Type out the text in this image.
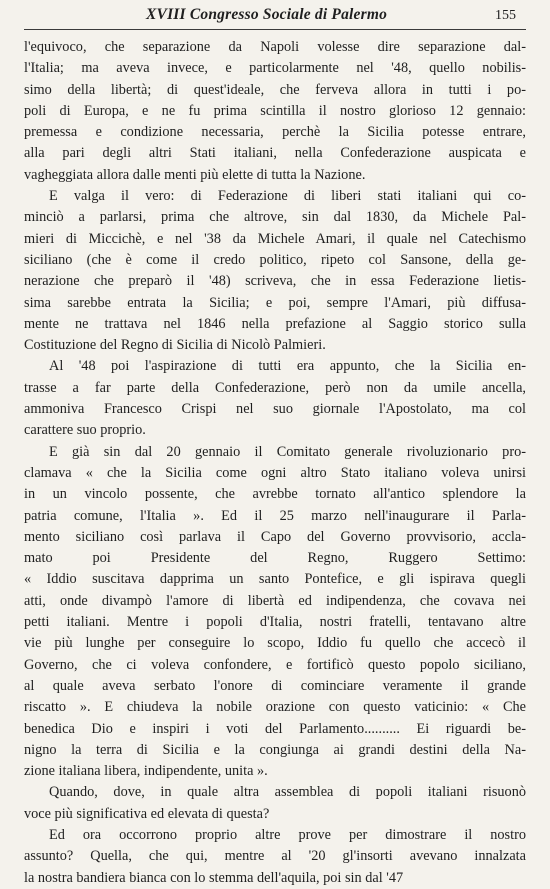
XVIII Congresso Sociale di Palermo	155

l'equivoco, che separazione da Napoli volesse dire separazione dal-
l'Italia; ma aveva invece, e particolarmente nel '48, quello nobilis-
simo della libertà; di quest'ideale, che ferveva allora in tutti i po-
poli di Europa, e ne fu prima scintilla il nostro glorioso 12 gennaio:
premessa e condizione necessaria, perchè la Sicilia potesse entrare,
alla pari degli altri Stati italiani, nella Confederazione auspicata e
vagheggiata allora dalle menti più elette di tutta la Nazione.

E valga il vero: di Federazione di liberi stati italiani qui co-
minciò a parlarsi, prima che altrove, sin dal 1830, da Michele Pal-
mieri di Miccichè, e nel '38 da Michele Amari, il quale nel Catechismo
siciliano (che è come il credo politico, ripeto col Sansone, della ge-
nerazione che preparò il '48) scriveva, che in essa Federazione lietis-
sima sarebbe entrata la Sicilia; e poi, sempre l'Amari, più diffusa-
mente ne trattava nel 1846 nella prefazione al Saggio storico sulla
Costituzione del Regno di Sicilia di Nicolò Palmieri.

Al '48 poi l'aspirazione di tutti era appunto, che la Sicilia en-
trasse a far parte della Confederazione, però non da umile ancella,
ammoniva Francesco Crispi nel suo giornale l'Apostolato, ma col
carattere suo proprio.

E già sin dal 20 gennaio il Comitato generale rivoluzionario pro-
clamava « che la Sicilia come ogni altro Stato italiano voleva unirsi
in un vincolo possente, che avrebbe tornato all'antico splendore la
patria comune, l'Italia ». Ed il 25 marzo nell'inaugurare il Parla-
mento siciliano così parlava il Capo del Governo provvisorio, accla-
mato poi Presidente del Regno, Ruggero Settimo:
« Iddio suscitava dapprima un santo Pontefice, e gli ispirava quegli
atti, onde divampò l'amore di libertà ed indipendenza, che covava nei
petti italiani. Mentre i popoli d'Italia, nostri fratelli, tentavano altre
vie più lunghe per conseguire lo scopo, Iddio fu quello che accecò il
Governo, che ci voleva confondere, e fortificò questo popolo siciliano,
al quale aveva serbato l'onore di cominciare veramente il grande
riscatto ». E chiudeva la nobile orazione con questo vaticinio: « Che
benedica Dio e inspiri i voti del Parlamento.......... Ei riguardi be-
nigno la terra di Sicilia e la congiunga ai grandi destini della Na-
zione italiana libera, indipendente, unita ».

Quando, dove, in quale altra assemblea di popoli italiani risuonò
voce più significativa ed elevata di questa?

Ed ora occorrono proprio altre prove per dimostrare il nostro
assunto? Quella, che qui, mentre al '20 gl'insorti avevano innalzata
la nostra bandiera bianca con lo stemma dell'aquila, poi sin dal '47
